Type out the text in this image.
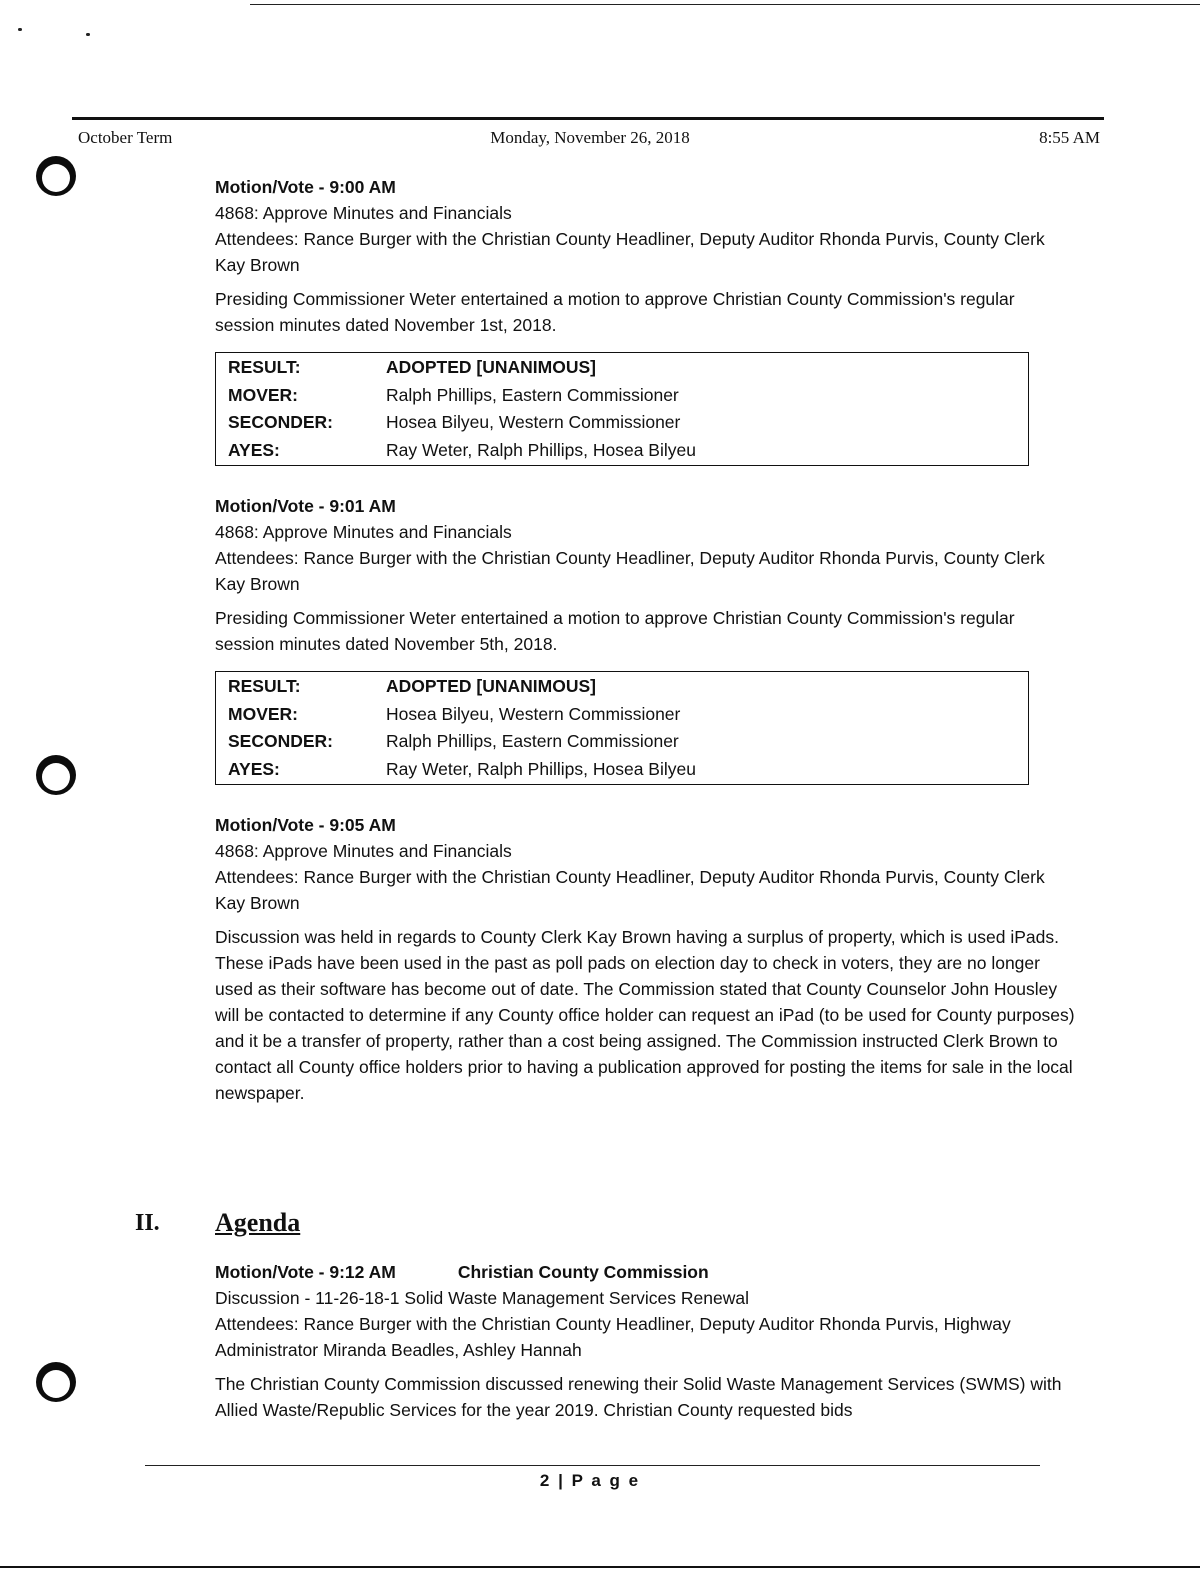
October Term	Monday, November 26, 2018	8:55 AM
Motion/Vote - 9:00 AM
4868: Approve Minutes and Financials
Attendees: Rance Burger with the Christian County Headliner, Deputy Auditor Rhonda Purvis, County Clerk Kay Brown
Presiding Commissioner Weter entertained a motion to approve Christian County Commission's regular session minutes dated November 1st, 2018.
RESULT:	ADOPTED [UNANIMOUS]
MOVER:	Ralph Phillips, Eastern Commissioner
SECONDER:	Hosea Bilyeu, Western Commissioner
AYES:	Ray Weter, Ralph Phillips, Hosea Bilyeu
Motion/Vote - 9:01 AM
4868: Approve Minutes and Financials
Attendees: Rance Burger with the Christian County Headliner, Deputy Auditor Rhonda Purvis, County Clerk Kay Brown
Presiding Commissioner Weter entertained a motion to approve Christian County Commission's regular session minutes dated November 5th, 2018.
RESULT:	ADOPTED [UNANIMOUS]
MOVER:	Hosea Bilyeu, Western Commissioner
SECONDER:	Ralph Phillips, Eastern Commissioner
AYES:	Ray Weter, Ralph Phillips, Hosea Bilyeu
Motion/Vote - 9:05 AM
4868: Approve Minutes and Financials
Attendees: Rance Burger with the Christian County Headliner, Deputy Auditor Rhonda Purvis, County Clerk Kay Brown
Discussion was held in regards to County Clerk Kay Brown having a surplus of property, which is used iPads. These iPads have been used in the past as poll pads on election day to check in voters, they are no longer used as their software has become out of date. The Commission stated that County Counselor John Housley will be contacted to determine if any County office holder can request an iPad (to be used for County purposes) and it be a transfer of property, rather than a cost being assigned. The Commission instructed Clerk Brown to contact all County office holders prior to having a publication approved for posting the items for sale in the local newspaper.
II. Agenda
Motion/Vote - 9:12 AM	Christian County Commission
Discussion - 11-26-18-1 Solid Waste Management Services Renewal
Attendees: Rance Burger with the Christian County Headliner, Deputy Auditor Rhonda Purvis, Highway Administrator Miranda Beadles, Ashley Hannah
The Christian County Commission discussed renewing their Solid Waste Management Services (SWMS) with Allied Waste/Republic Services for the year 2019. Christian County requested bids
2 | P a g e
